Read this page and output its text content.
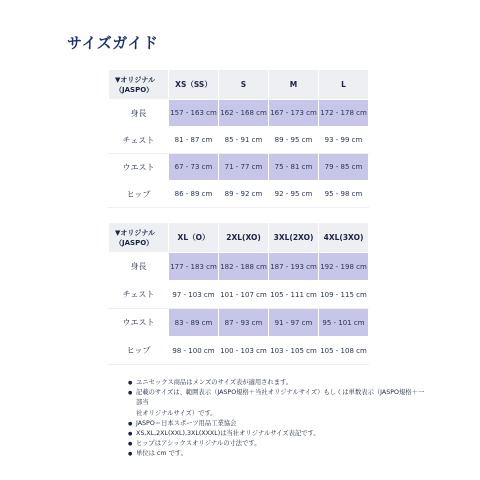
サイズガイド
▼オリジナル
（JASPO）	XS（SS）	S	M	L
身長	157 - 163 cm	162 - 168 cm	167 - 173 cm	172 - 178 cm
チェスト	81 - 87 cm	85 - 91 cm	89 - 95 cm	93 - 99 cm
ウエスト	67 - 73 cm	71 - 77 cm	75 - 81 cm	79 - 85 cm
ヒップ	86 - 89 cm	89 - 92 cm	92 - 95 cm	95 - 98 cm
▼オリジナル
（JASPO）	XL（O）	2XL(XO)	3XL(2XO)	4XL(3XO)
身長	177 - 183 cm	182 - 188 cm	187 - 193 cm	192 - 198 cm
チェスト	97 - 103 cm	101 - 107 cm	105 - 111 cm	109 - 115 cm
ウエスト	83 - 89 cm	87 - 93 cm	91 - 97 cm	95 - 101 cm
ヒップ	98 - 100 cm	100 - 103 cm	103 - 105 cm	105 - 108 cm
● ユニセックス商品はメンズのサイズ表が適用されます。
● 記載のサイズは、範囲表示（JASPO規格＋当社オリジナルサイズ）もしくは単数表示（JASPO規格＋一部当
社オリジナルサイズ）です。
● JASPO＝日本スポーツ用品工業協会
● XS,XL,2XL(XXL),3XL(XXXL)は当社オリジナルサイズ表記です。
● ヒップはアシックスオリジナルの寸法です。
● 単位は cm です。
